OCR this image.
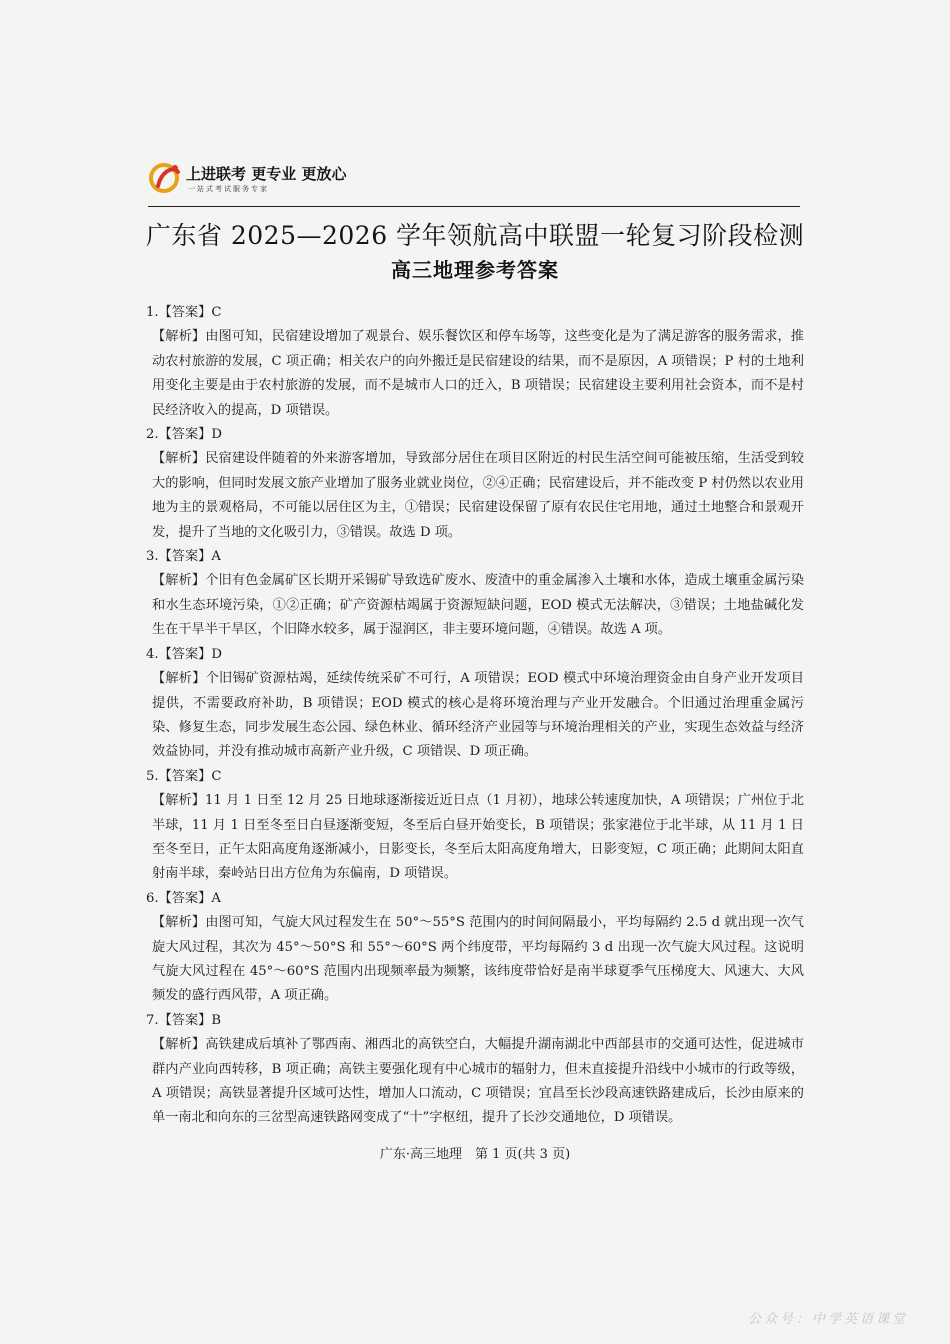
上进联考 更专业 更放心
一站式考试服务专家
广东省 2025—2026 学年领航高中联盟一轮复习阶段检测
高三地理参考答案
1.【答案】C
【解析】由图可知，民宿建设增加了观景台、娱乐餐饮区和停车场等，这些变化是为了满足游客的服务需求，推动农村旅游的发展，C 项正确；相关农户的向外搬迁是民宿建设的结果，而不是原因，A 项错误；P 村的土地利用变化主要是由于农村旅游的发展，而不是城市人口的迁入，B 项错误；民宿建设主要利用社会资本，而不是村民经济收入的提高，D 项错误。
2.【答案】D
【解析】民宿建设伴随着的外来游客增加，导致部分居住在项目区附近的村民生活空间可能被压缩，生活受到较大的影响，但同时发展文旅产业增加了服务业就业岗位，②④正确；民宿建设后，并不能改变 P 村仍然以农业用地为主的景观格局，不可能以居住区为主，①错误；民宿建设保留了原有农民住宅用地，通过土地整合和景观开发，提升了当地的文化吸引力，③错误。故选 D 项。
3.【答案】A
【解析】个旧有色金属矿区长期开采锡矿导致选矿废水、废渣中的重金属渗入土壤和水体，造成土壤重金属污染和水生态环境污染，①②正确；矿产资源枯竭属于资源短缺问题，EOD 模式无法解决，③错误；土地盐碱化发生在干旱半干旱区，个旧降水较多，属于湿润区，非主要环境问题，④错误。故选 A 项。
4.【答案】D
【解析】个旧锡矿资源枯竭，延续传统采矿不可行，A 项错误；EOD 模式中环境治理资金由自身产业开发项目提供，不需要政府补助，B 项错误；EOD 模式的核心是将环境治理与产业开发融合。个旧通过治理重金属污染、修复生态，同步发展生态公园、绿色林业、循环经济产业园等与环境治理相关的产业，实现生态效益与经济效益协同，并没有推动城市高新产业升级，C 项错误、D 项正确。
5.【答案】C
【解析】11 月 1 日至 12 月 25 日地球逐渐接近近日点（1 月初），地球公转速度加快，A 项错误；广州位于北半球，11 月 1 日至冬至日白昼逐渐变短，冬至后白昼开始变长，B 项错误；张家港位于北半球，从 11 月 1 日至冬至日，正午太阳高度角逐渐减小，日影变长，冬至后太阳高度角增大，日影变短，C 项正确；此期间太阳直射南半球，秦岭站日出方位角为东偏南，D 项错误。
6.【答案】A
【解析】由图可知，气旋大风过程发生在 50°～55°S 范围内的时间间隔最小，平均每隔约 2.5 d 就出现一次气旋大风过程，其次为 45°～50°S 和 55°～60°S 两个纬度带，平均每隔约 3 d 出现一次气旋大风过程。这说明气旋大风过程在 45°～60°S 范围内出现频率最为频繁，该纬度带恰好是南半球夏季气压梯度大、风速大、大风频发的盛行西风带，A 项正确。
7.【答案】B
【解析】高铁建成后填补了鄂西南、湘西北的高铁空白，大幅提升湖南湖北中西部县市的交通可达性，促进城市群内产业向西转移，B 项正确；高铁主要强化现有中心城市的辐射力，但未直接提升沿线中小城市的行政等级，A 项错误；高铁显著提升区域可达性，增加人口流动，C 项错误；宜昌至长沙段高速铁路建成后，长沙由原来的单一南北和向东的三岔型高速铁路网变成了“十”字枢纽，提升了长沙交通地位，D 项错误。
广东·高三地理　第 1 页(共 3 页)
公众号：中学英语课堂
